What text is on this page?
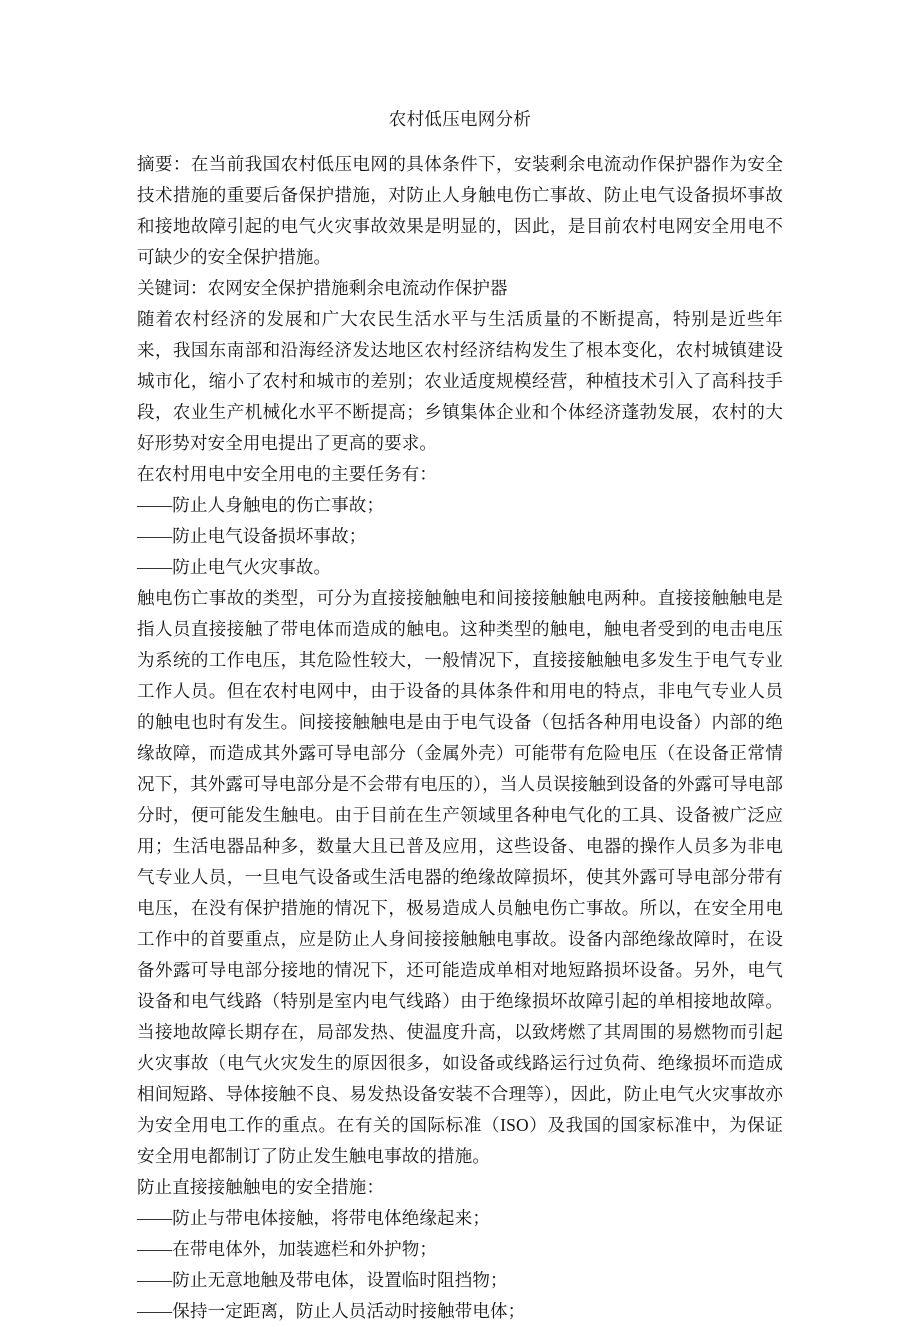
农村低压电网分析

摘要：在当前我国农村低压电网的具体条件下，安装剩余电流动作保护器作为安全技术措施的重要后备保护措施，对防止人身触电伤亡事故、防止电气设备损坏事故和接地故障引起的电气火灾事故效果是明显的，因此，是目前农村电网安全用电不可缺少的安全保护措施。

关键词：农网安全保护措施剩余电流动作保护器

随着农村经济的发展和广大农民生活水平与生活质量的不断提高，特别是近些年来，我国东南部和沿海经济发达地区农村经济结构发生了根本变化，农村城镇建设城市化，缩小了农村和城市的差别；农业适度规模经营，种植技术引入了高科技手段，农业生产机械化水平不断提高；乡镇集体企业和个体经济蓬勃发展，农村的大好形势对安全用电提出了更高的要求。

在农村用电中安全用电的主要任务有：

——防止人身触电的伤亡事故；

——防止电气设备损坏事故；

——防止电气火灾事故。

触电伤亡事故的类型，可分为直接接触触电和间接接触触电两种。直接接触触电是指人员直接接触了带电体而造成的触电。这种类型的触电，触电者受到的电击电压为系统的工作电压，其危险性较大，一般情况下，直接接触触电多发生于电气专业工作人员。但在农村电网中，由于设备的具体条件和用电的特点，非电气专业人员的触电也时有发生。间接接触触电是由于电气设备（包括各种用电设备）内部的绝缘故障，而造成其外露可导电部分（金属外壳）可能带有危险电压（在设备正常情况下，其外露可导电部分是不会带有电压的），当人员误接触到设备的外露可导电部分时，便可能发生触电。由于目前在生产领域里各种电气化的工具、设备被广泛应用；生活电器品种多，数量大且已普及应用，这些设备、电器的操作人员多为非电气专业人员，一旦电气设备或生活电器的绝缘故障损坏，使其外露可导电部分带有电压，在没有保护措施的情况下，极易造成人员触电伤亡事故。所以，在安全用电工作中的首要重点，应是防止人身间接接触触电事故。设备内部绝缘故障时，在设备外露可导电部分接地的情况下，还可能造成单相对地短路损坏设备。另外，电气设备和电气线路（特别是室内电气线路）由于绝缘损坏故障引起的单相接地故障。当接地故障长期存在，局部发热、使温度升高，以致烤燃了其周围的易燃物而引起火灾事故（电气火灾发生的原因很多，如设备或线路运行过负荷、绝缘损坏而造成相间短路、导体接触不良、易发热设备安装不合理等），因此，防止电气火灾事故亦为安全用电工作的重点。在有关的国际标准（ISO）及我国的国家标准中，为保证安全用电都制订了防止发生触电事故的措施。

防止直接接触触电的安全措施：

——防止与带电体接触，将带电体绝缘起来；

——在带电体外，加装遮栏和外护物；

——防止无意地触及带电体，设置临时阻挡物；

——保持一定距离，防止人员活动时接触带电体；
